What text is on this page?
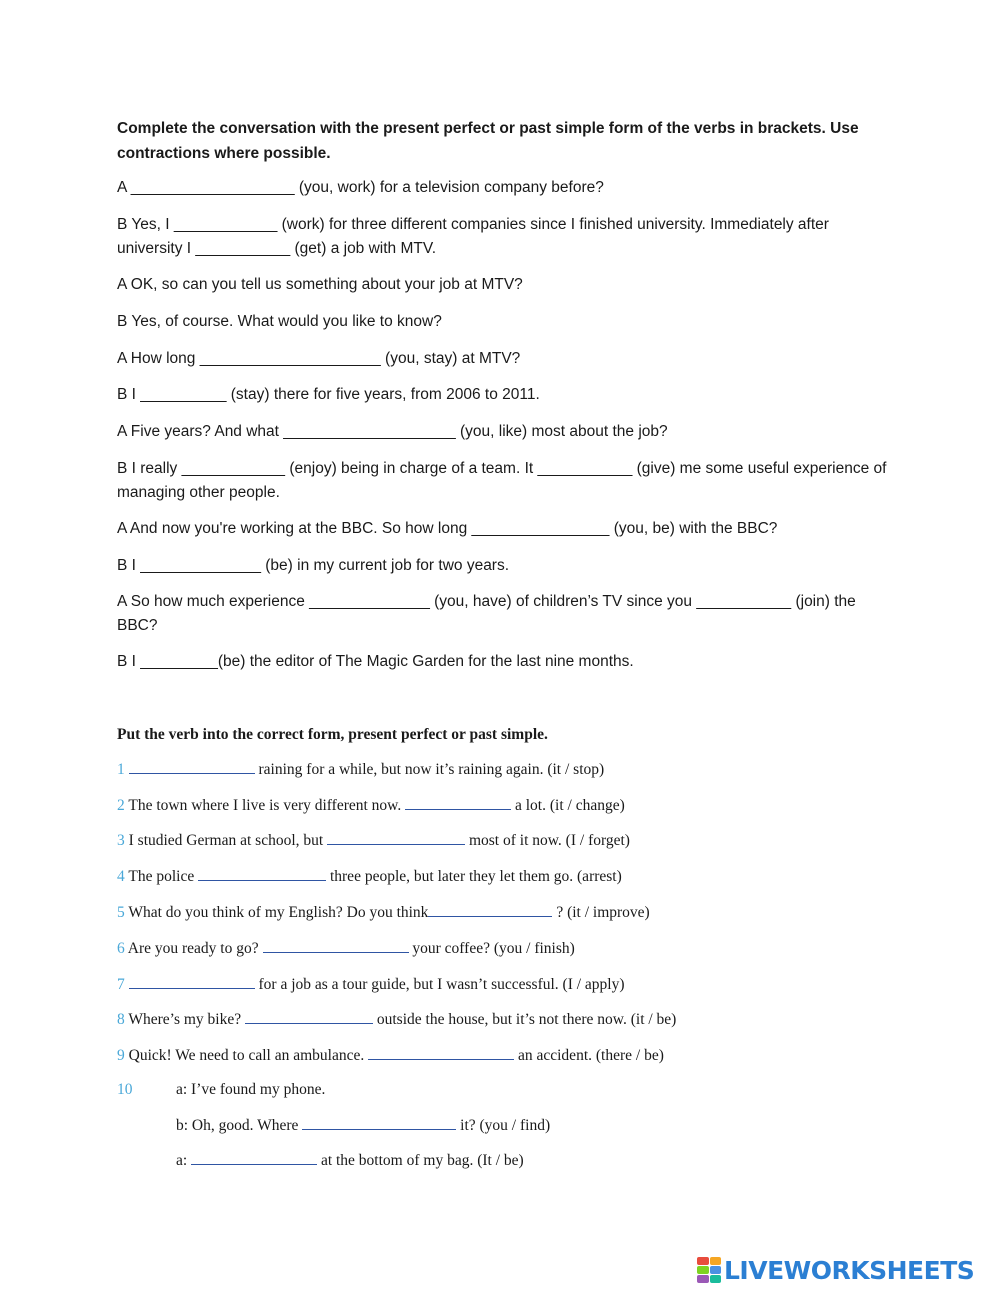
Complete the conversation with the present perfect or past simple form of the verbs in brackets. Use contractions where possible.
A ___________________ (you, work) for a television company before?
B Yes, I ____________ (work) for three different companies since I finished university. Immediately after university I ___________ (get) a job with MTV.
A OK, so can you tell us something about your job at MTV?
B Yes, of course. What would you like to know?
A How long _____________________ (you, stay) at MTV?
B I __________ (stay) there for five years, from 2006 to 2011.
A Five years? And what ____________________ (you, like) most about the job?
B I really ____________ (enjoy) being in charge of a team. It ___________ (give) me some useful experience of managing other people.
A And now you're working at the BBC. So how long ________________ (you, be) with the BBC?
B I ______________ (be) in my current job for two years.
A So how much experience ______________ (you, have) of children’s TV since you ___________ (join) the BBC?
B I _________(be) the editor of The Magic Garden for the last nine months.
Put the verb into the correct form, present perfect or past simple.
1	raining for a while, but now it’s raining again. (it / stop)
2 The town where I live is very different now.	a lot. (it / change)
3 I studied German at school, but	most of it now. (I / forget)
4 The police	three people, but later they let them go. (arrest)
5 What do you think of my English? Do you think	? (it / improve)
6 Are you ready to go?	your coffee? (you / finish)
7	for a job as a tour guide, but I wasn’t successful. (I / apply)
8 Where’s my bike?	outside the house, but it’s not there now. (it / be)
9 Quick! We need to call an ambulance.	an accident. (there / be)
10	a: I’ve found my phone.
b: Oh, good. Where	it? (you / find)
a:	at the bottom of my bag. (It / be)
LIVEWORKSHEETS
